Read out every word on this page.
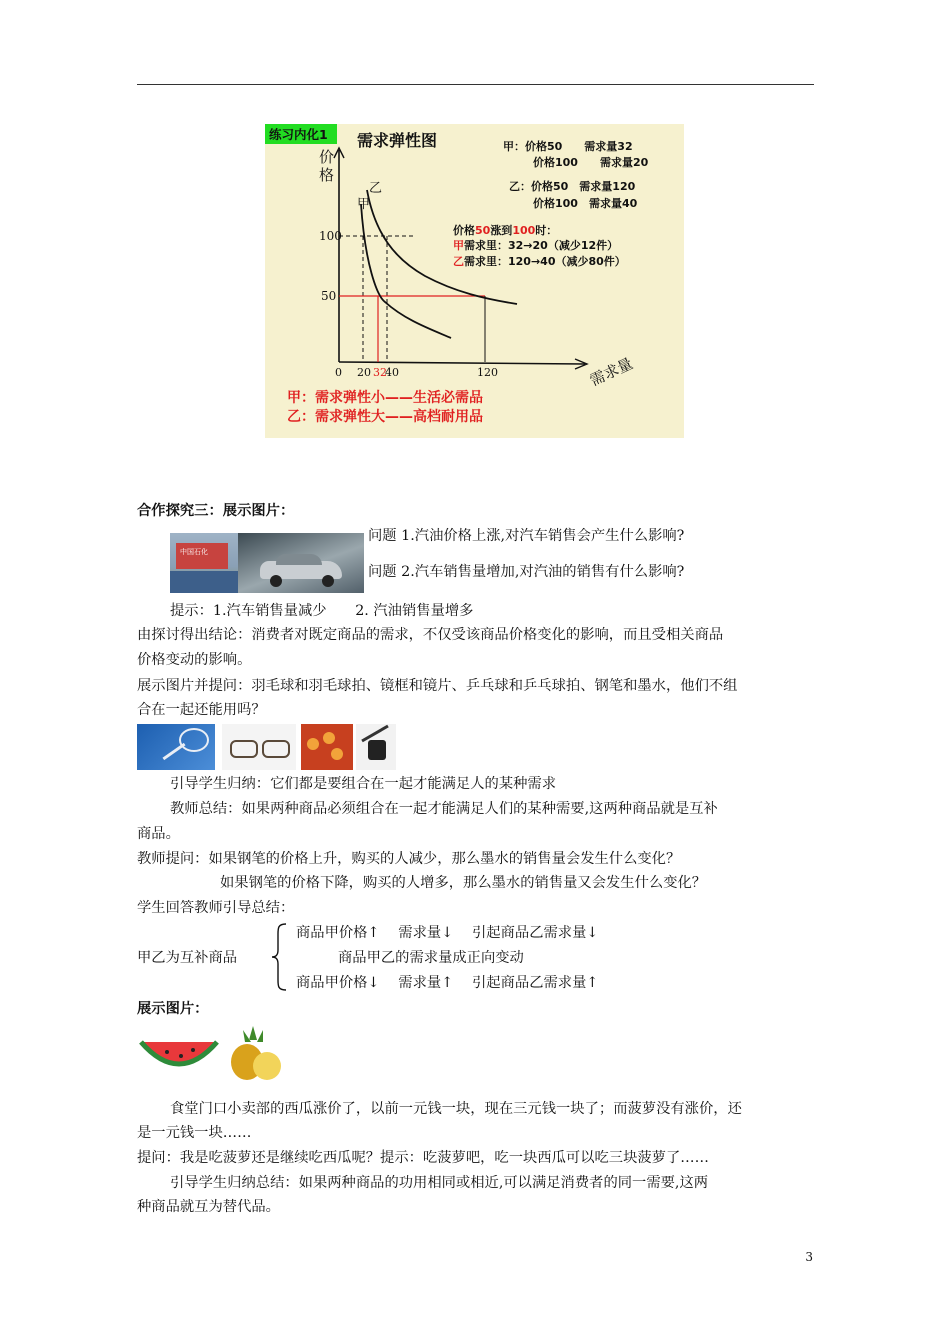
练习内化1 需求弹性图	甲：价格50　　需求量32
价格100　　需求量20
乙：价格50　需求量120
价格100　需求量40
价格50涨到100时：
甲需求里：32→20（减少12件）
乙需求里：120→40（减少80件）
价
格
需求量
甲
乙
100
50
0 20 32
40	120
甲：需求弹性小——生活必需品
乙：需求弹性大——高档耐用品
合作探究三：展示图片：
中国石化
问题 1.汽油价格上涨,对汽车销售会产生什么影响?
问题 2.汽车销售量增加,对汽油的销售有什么影响?
提示：1.汽车销售量减少　　2. 汽油销售量增多
由探讨得出结论：消费者对既定商品的需求，不仅受该商品价格变化的影响，而且受相关商品
价格变动的影响。
展示图片并提问：羽毛球和羽毛球拍、镜框和镜片、乒乓球和乒乓球拍、钢笔和墨水，他们不组
合在一起还能用吗？
引导学生归纳：它们都是要组合在一起才能满足人的某种需求
教师总结：如果两种商品必须组合在一起才能满足人们的某种需要,这两种商品就是互补
商品。
教师提问：如果钢笔的价格上升，购买的人减少，那么墨水的销售量会发生什么变化？
如果钢笔的价格下降，购买的人增多，那么墨水的销售量又会发生什么变化？
学生回答教师引导总结：
甲乙为互补商品
商品甲价格↑　 需求量↓　 引起商品乙需求量↓
商品甲乙的需求量成正向变动
商品甲价格↓　 需求量↑　 引起商品乙需求量↑
展示图片：
食堂门口小卖部的西瓜涨价了，以前一元钱一块，现在三元钱一块了；而菠萝没有涨价，还
是一元钱一块……
提问：我是吃菠萝还是继续吃西瓜呢？提示：吃菠萝吧，吃一块西瓜可以吃三块菠萝了……
引导学生归纳总结：如果两种商品的功用相同或相近,可以满足消费者的同一需要,这两
种商品就互为替代品。
3
